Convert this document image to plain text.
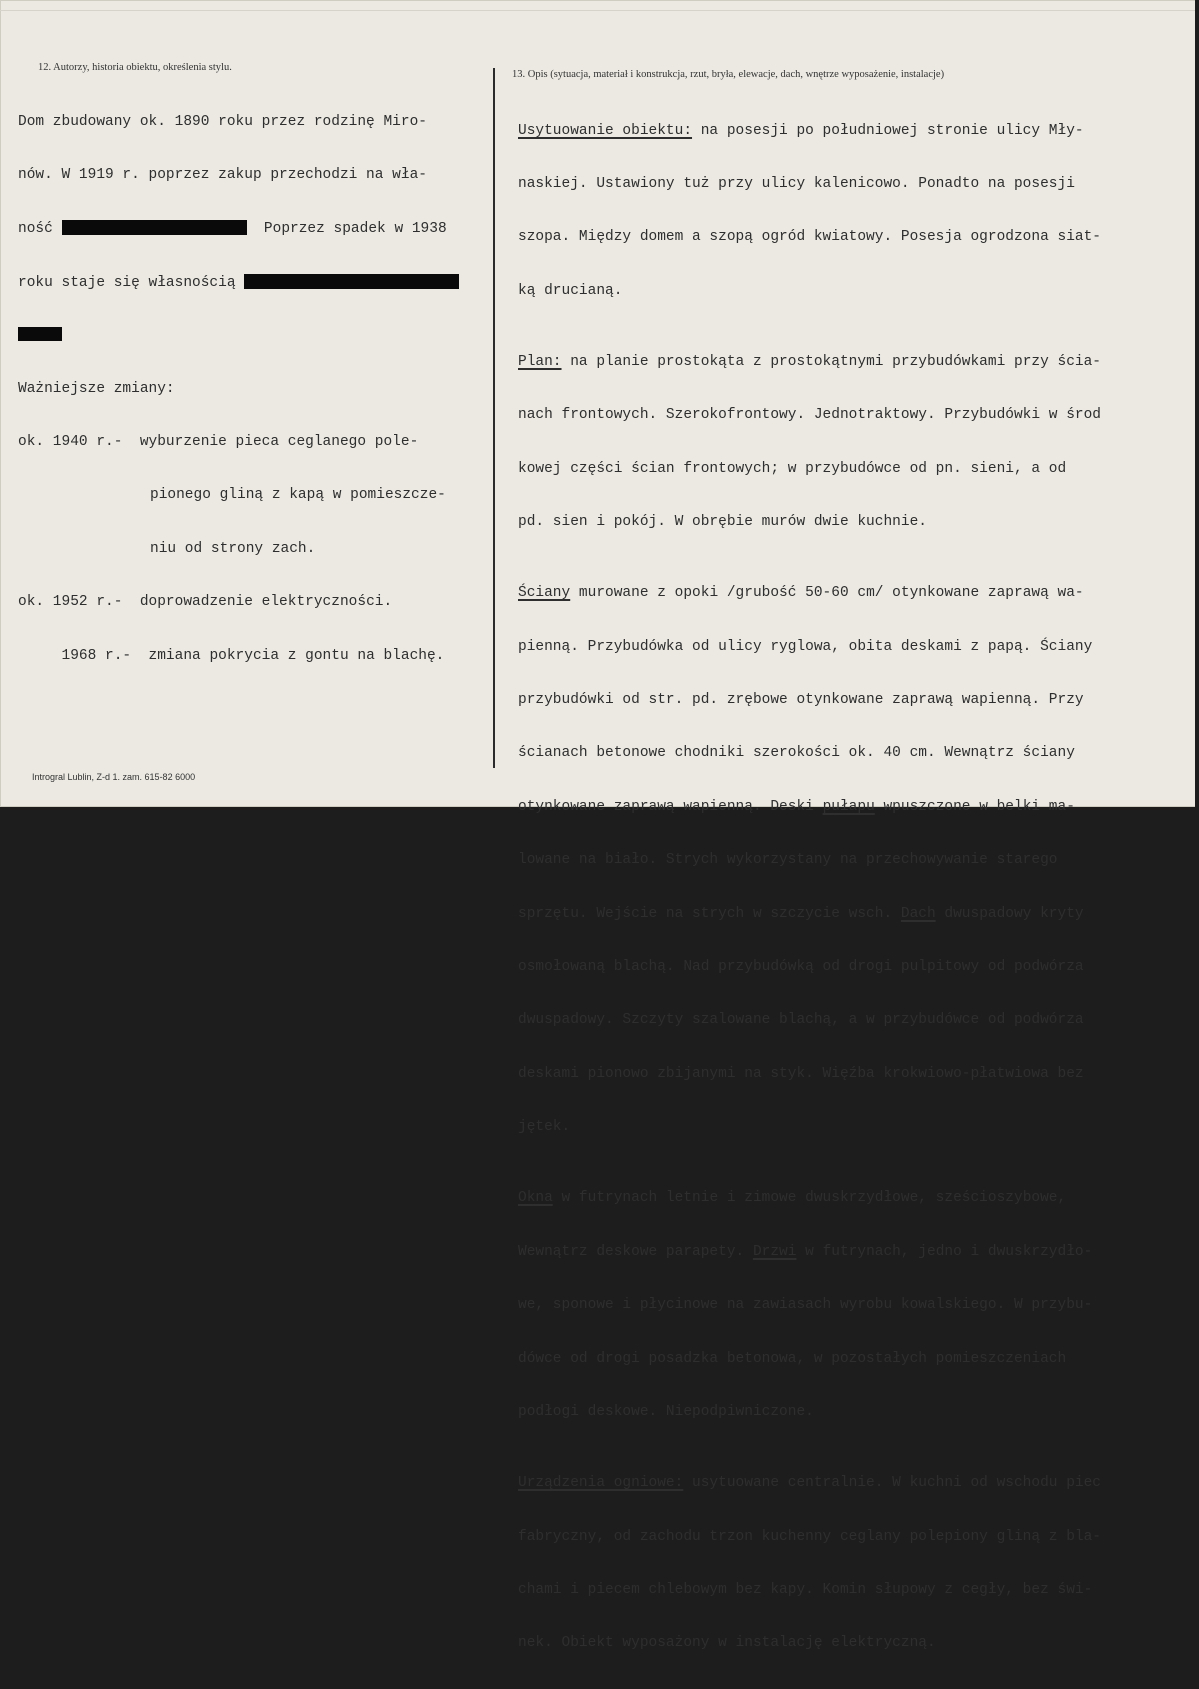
12. Autorzy, historia obiektu, określenia stylu.
13. Opis (sytuacja, materiał i konstrukcja, rzut, bryła, elewacje, dach, wnętrze wyposażenie, instalacje)

Dom zbudowany ok. 1890 roku przez rodzinę Miro-

nów. W 1919 r. poprzez zakup przechodzi na wła-

ność	Poprzez spadek w 1938

roku staje się własnością

Ważniejsze zmiany:

ok. 1940 r.- wyburzenie pieca ceglanego pole-

pionego gliną z kapą w pomieszcze-

niu od strony zach.

ok. 1952 r.- doprowadzenie elektryczności.

1968 r.- zmiana pokrycia z gontu na blachę.

Usytuowanie obiektu: na posesji po południowej stronie ulicy Mły-

naskiej. Ustawiony tuż przy ulicy kalenicowo. Ponadto na posesji

szopa. Między domem a szopą ogród kwiatowy. Posesja ogrodzona siat-

ką drucianą.

Plan: na planie prostokąta z prostokątnymi przybudówkami przy ścia-

nach frontowych. Szerokofrontowy. Jednotraktowy. Przybudówki w środ

kowej części ścian frontowych; w przybudówce od pn. sieni, a od

pd. sien i pokój. W obrębie murów dwie kuchnie.

Ściany murowane z opoki /grubość 50-60 cm/ otynkowane zaprawą wa-

pienną. Przybudówka od ulicy ryglowa, obita deskami z papą. Ściany

przybudówki od str. pd. zrębowe otynkowane zaprawą wapienną. Przy

ścianach betonowe chodniki szerokości ok. 40 cm. Wewnątrz ściany

otynkowane zaprawą wapienną. Deski pułapu wpuszczone w belki ma-

lowane na biało. Strych wykorzystany na przechowywanie starego

sprzętu. Wejście na strych w szczycie wsch. Dach dwuspadowy kryty

osmołowaną blachą. Nad przybudówką od drogi pulpitowy od podwórza

dwuspadowy. Szczyty szalowane blachą, a w przybudówce od podwórza

deskami pionowo zbijanymi na styk. Więźba krokwiowo-płatwiowa bez

jętek.

Okna w futrynach letnie i zimowe dwuskrzydłowe, sześcioszybowe,

Wewnątrz deskowe parapety. Drzwi w futrynach, jedno i dwuskrzydło-

we, sponowe i płycinowe na zawiasach wyrobu kowalskiego. W przybu-

dówce od drogi posadzka betonowa, w pozostałych pomieszczeniach

podłogi deskowe. Niepodpiwniczone.

Urządzenia ogniowe: usytuowane centralnie. W kuchni od wschodu piec

fabryczny, od zachodu trzon kuchenny ceglany polepiony gliną z bla-

chami i piecem chlebowym bez kapy. Komin słupowy z cegły, bez świ-

nek. Obiekt wyposażony w instalację elektryczną.

Introgral Lublin, Z-d 1. zam. 615-82 6000
